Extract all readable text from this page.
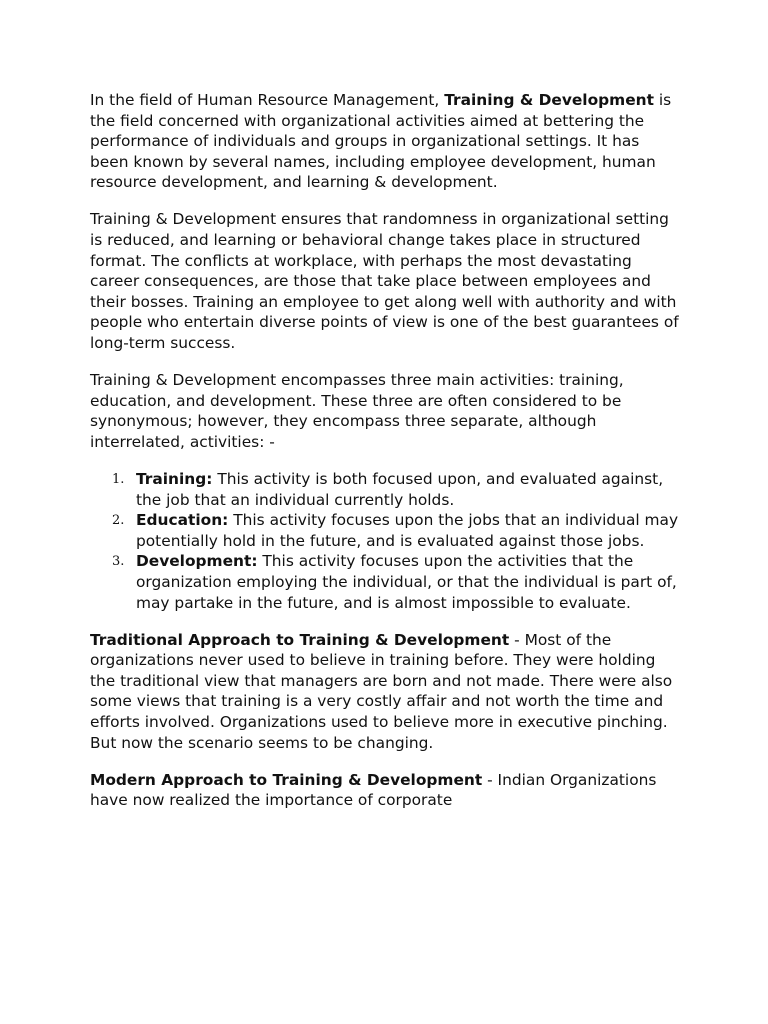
In the field of Human Resource Management, Training & Development is the field concerned with organizational activities aimed at bettering the performance of individuals and groups in organizational settings. It has been known by several names, including employee development, human resource development, and learning & development.

Training & Development ensures that randomness in organizational setting is reduced, and learning or behavioral change takes place in structured format. The conflicts at workplace, with perhaps the most devastating career consequences, are those that take place between employees and their bosses. Training an employee to get along well with authority and with people who entertain diverse points of view is one of the best guarantees of long-term success.

Training & Development encompasses three main activities: training, education, and development. These three are often considered to be synonymous; however, they encompass three separate, although interrelated, activities: -

1. Training: This activity is both focused upon, and evaluated against, the job that an individual currently holds.
2. Education: This activity focuses upon the jobs that an individual may potentially hold in the future, and is evaluated against those jobs.
3. Development: This activity focuses upon the activities that the organization employing the individual, or that the individual is part of, may partake in the future, and is almost impossible to evaluate.

Traditional Approach to Training & Development - Most of the organizations never used to believe in training before. They were holding the traditional view that managers are born and not made. There were also some views that training is a very costly affair and not worth the time and efforts involved. Organizations used to believe more in executive pinching. But now the scenario seems to be changing.

Modern Approach to Training & Development - Indian Organizations have now realized the importance of corporate
